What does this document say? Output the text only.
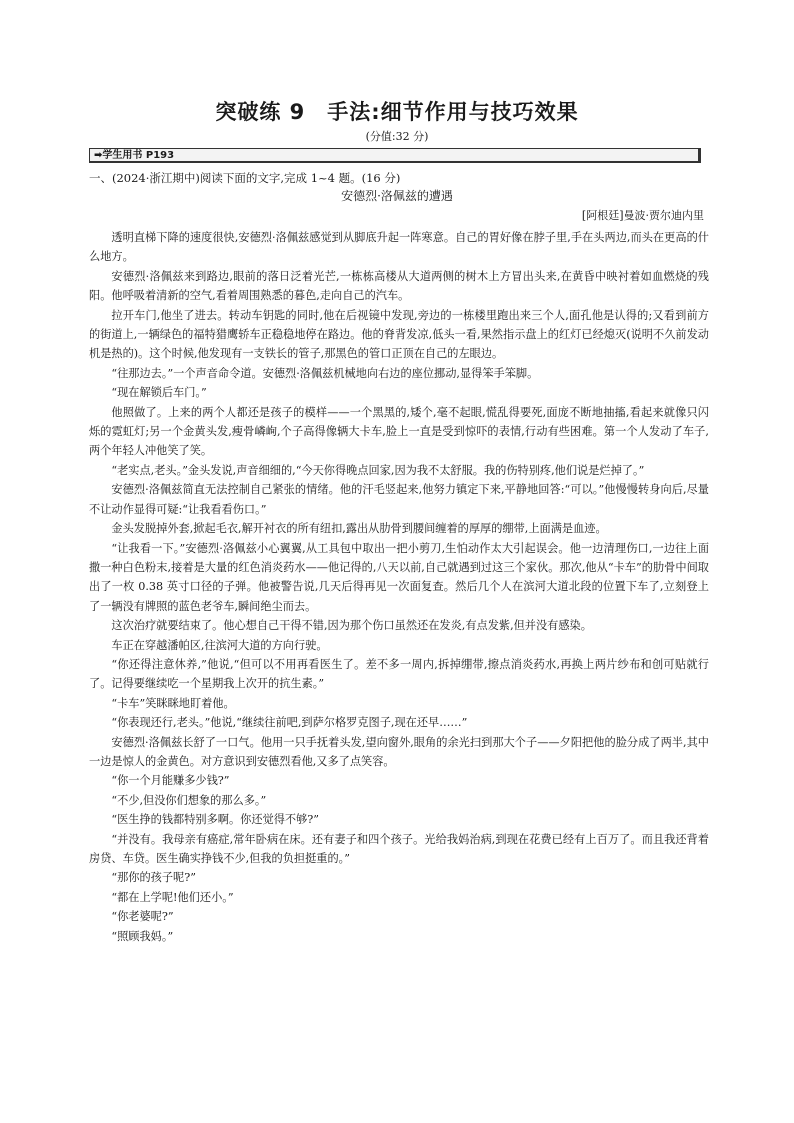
突破练 9　手法:细节作用与技巧效果
(分值:32 分)
➡学生用书 P193
一、(2024·浙江期中)阅读下面的文字,完成 1~4 题。(16 分)
安德烈·洛佩兹的遭遇
[阿根廷]曼波·贾尔迪内里

透明直梯下降的速度很快,安德烈·洛佩兹感觉到从脚底升起一阵寒意。自己的胃好像在脖子里,手在头两边,而头在更高的什么地方。

安德烈·洛佩兹来到路边,眼前的落日泛着光芒,一栋栋高楼从大道两侧的树木上方冒出头来,在黄昏中映衬着如血燃烧的残阳。他呼吸着清新的空气,看着周围熟悉的暮色,走向自己的汽车。

拉开车门,他坐了进去。转动车钥匙的同时,他在后视镜中发现,旁边的一栋楼里跑出来三个人,面孔他是认得的;又看到前方的街道上,一辆绿色的福特猎鹰轿车正稳稳地停在路边。他的脊背发凉,低头一看,果然指示盘上的红灯已经熄灭(说明不久前发动机是热的)。这个时候,他发现有一支铁长的管子,那黑色的管口正顶在自己的左眼边。

“往那边去。”一个声音命令道。安德烈·洛佩兹机械地向右边的座位挪动,显得笨手笨脚。

“现在解锁后车门。”

他照做了。上来的两个人都还是孩子的模样——一个黑黑的,矮个,毫不起眼,慌乱得要死,面庞不断地抽搐,看起来就像只闪烁的霓虹灯;另一个金黄头发,瘦骨嶙峋,个子高得像辆大卡车,脸上一直是受到惊吓的表情,行动有些困难。第一个人发动了车子,两个年轻人冲他笑了笑。

“老实点,老头。”金头发说,声音细细的,“今天你得晚点回家,因为我不太舒服。我的伤特别疼,他们说是烂掉了。”

安德烈·洛佩兹简直无法控制自己紧张的情绪。他的汗毛竖起来,他努力镇定下来,平静地回答:“可以。”他慢慢转身向后,尽量不让动作显得可疑:“让我看看伤口。”

金头发脱掉外套,掀起毛衣,解开衬衣的所有纽扣,露出从肋骨到腰间缠着的厚厚的绷带,上面满是血迹。

“让我看一下。”安德烈·洛佩兹小心翼翼,从工具包中取出一把小剪刀,生怕动作太大引起误会。他一边清理伤口,一边往上面撒一种白色粉末,接着是大量的红色消炎药水——他记得的,八天以前,自己就遇到过这三个家伙。那次,他从“卡车”的肋骨中间取出了一枚 0.38 英寸口径的子弹。他被警告说,几天后得再见一次面复查。然后几个人在滨河大道北段的位置下车了,立刻登上了一辆没有牌照的蓝色老爷车,瞬间绝尘而去。

这次治疗就要结束了。他心想自己干得不错,因为那个伤口虽然还在发炎,有点发紫,但并没有感染。

车正在穿越潘帕区,往滨河大道的方向行驶。

“你还得注意休养,”他说,“但可以不用再看医生了。差不多一周内,拆掉绷带,擦点消炎药水,再换上两片纱布和创可贴就行了。记得要继续吃一个星期我上次开的抗生素。”

“卡车”笑眯眯地盯着他。

“你表现还行,老头。”他说,“继续往前吧,到萨尔格罗克图子,现在还早……”

安德烈·洛佩兹长舒了一口气。他用一只手抚着头发,望向窗外,眼角的余光扫到那大个子——夕阳把他的脸分成了两半,其中一边是惊人的金黄色。对方意识到安德烈看他,又多了点笑容。

“你一个月能赚多少钱?”

“不少,但没你们想象的那么多。”

“医生挣的钱都特别多啊。你还觉得不够?”

“并没有。我母亲有癌症,常年卧病在床。还有妻子和四个孩子。光给我妈治病,到现在花费已经有上百万了。而且我还背着房贷、车贷。医生确实挣钱不少,但我的负担挺重的。”

“那你的孩子呢?”

“都在上学呢!他们还小。”

“你老婆呢?”

“照顾我妈。”
